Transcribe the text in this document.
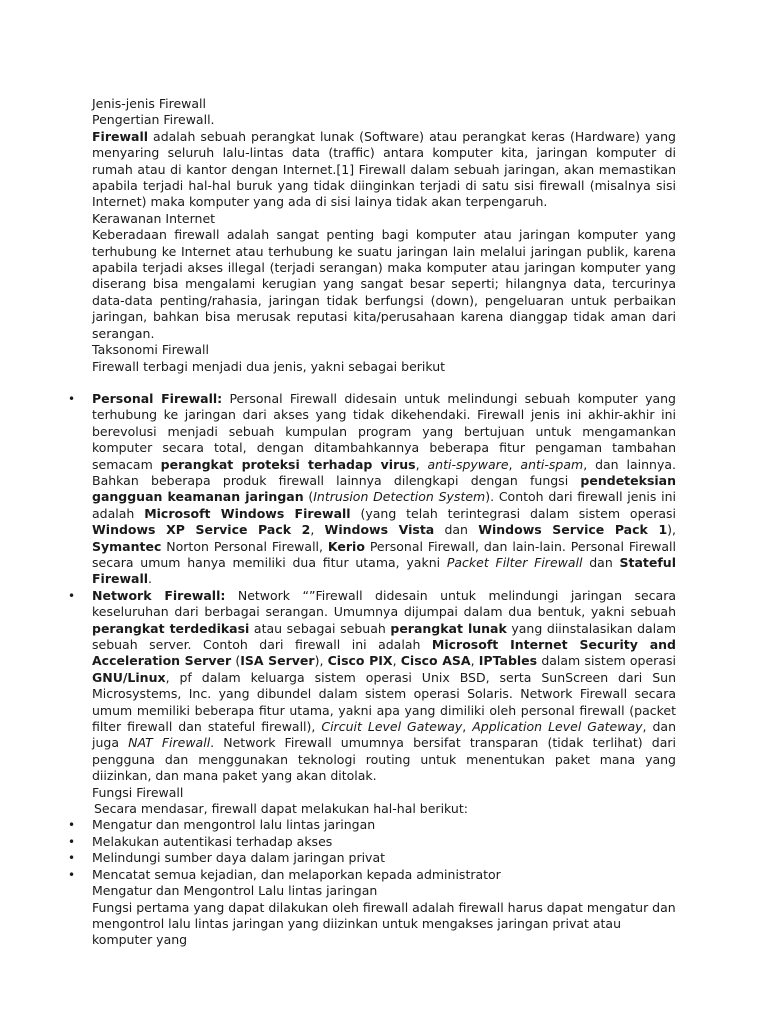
Jenis-jenis Firewall

Pengertian Firewall.

Firewall adalah sebuah perangkat lunak (Software) atau perangkat keras (Hardware) yang menyaring seluruh lalu-lintas data (traffic) antara komputer kita, jaringan komputer di rumah atau di kantor dengan Internet.[1] Firewall dalam sebuah jaringan, akan memastikan apabila terjadi hal-hal buruk yang tidak diinginkan terjadi di satu sisi firewall (misalnya sisi Internet) maka komputer yang ada di sisi lainya tidak akan terpengaruh.

Kerawanan Internet

Keberadaan firewall adalah sangat penting bagi komputer atau jaringan komputer yang terhubung ke Internet atau terhubung ke suatu jaringan lain melalui jaringan publik, karena apabila terjadi akses illegal (terjadi serangan) maka komputer atau jaringan komputer yang diserang bisa mengalami kerugian yang sangat besar seperti; hilangnya data, tercurinya data-data penting/rahasia, jaringan tidak berfungsi (down), pengeluaran untuk perbaikan jaringan, bahkan bisa merusak reputasi kita/perusahaan karena dianggap tidak aman dari serangan.

Taksonomi Firewall

Firewall terbagi menjadi dua jenis, yakni sebagai berikut

• Personal Firewall: Personal Firewall didesain untuk melindungi sebuah komputer yang terhubung ke jaringan dari akses yang tidak dikehendaki. Firewall jenis ini akhir-akhir ini berevolusi menjadi sebuah kumpulan program yang bertujuan untuk mengamankan komputer secara total, dengan ditambahkannya beberapa fitur pengaman tambahan semacam perangkat proteksi terhadap virus, anti-spyware, anti-spam, dan lainnya. Bahkan beberapa produk firewall lainnya dilengkapi dengan fungsi pendeteksian gangguan keamanan jaringan (Intrusion Detection System). Contoh dari firewall jenis ini adalah Microsoft Windows Firewall (yang telah terintegrasi dalam sistem operasi Windows XP Service Pack 2, Windows Vista dan Windows Service Pack 1), Symantec Norton Personal Firewall, Kerio Personal Firewall, dan lain-lain. Personal Firewall secara umum hanya memiliki dua fitur utama, yakni Packet Filter Firewall dan Stateful Firewall.
• Network Firewall: Network “”Firewall didesain untuk melindungi jaringan secara keseluruhan dari berbagai serangan. Umumnya dijumpai dalam dua bentuk, yakni sebuah perangkat terdedikasi atau sebagai sebuah perangkat lunak yang diinstalasikan dalam sebuah server. Contoh dari firewall ini adalah Microsoft Internet Security and Acceleration Server (ISA Server), Cisco PIX, Cisco ASA, IPTables dalam sistem operasi GNU/Linux, pf dalam keluarga sistem operasi Unix BSD, serta SunScreen dari Sun Microsystems, Inc. yang dibundel dalam sistem operasi Solaris. Network Firewall secara umum memiliki beberapa fitur utama, yakni apa yang dimiliki oleh personal firewall (packet filter firewall dan stateful firewall), Circuit Level Gateway, Application Level Gateway, dan juga NAT Firewall. Network Firewall umumnya bersifat transparan (tidak terlihat) dari pengguna dan menggunakan teknologi routing untuk menentukan paket mana yang diizinkan, dan mana paket yang akan ditolak.

Fungsi Firewall

Secara mendasar, firewall dapat melakukan hal-hal berikut:

• Mengatur dan mengontrol lalu lintas jaringan
• Melakukan autentikasi terhadap akses
• Melindungi sumber daya dalam jaringan privat
• Mencatat semua kejadian, dan melaporkan kepada administrator

Mengatur dan Mengontrol Lalu lintas jaringan

Fungsi pertama yang dapat dilakukan oleh firewall adalah firewall harus dapat mengatur dan mengontrol lalu lintas jaringan yang diizinkan untuk mengakses jaringan privat atau komputer yang
